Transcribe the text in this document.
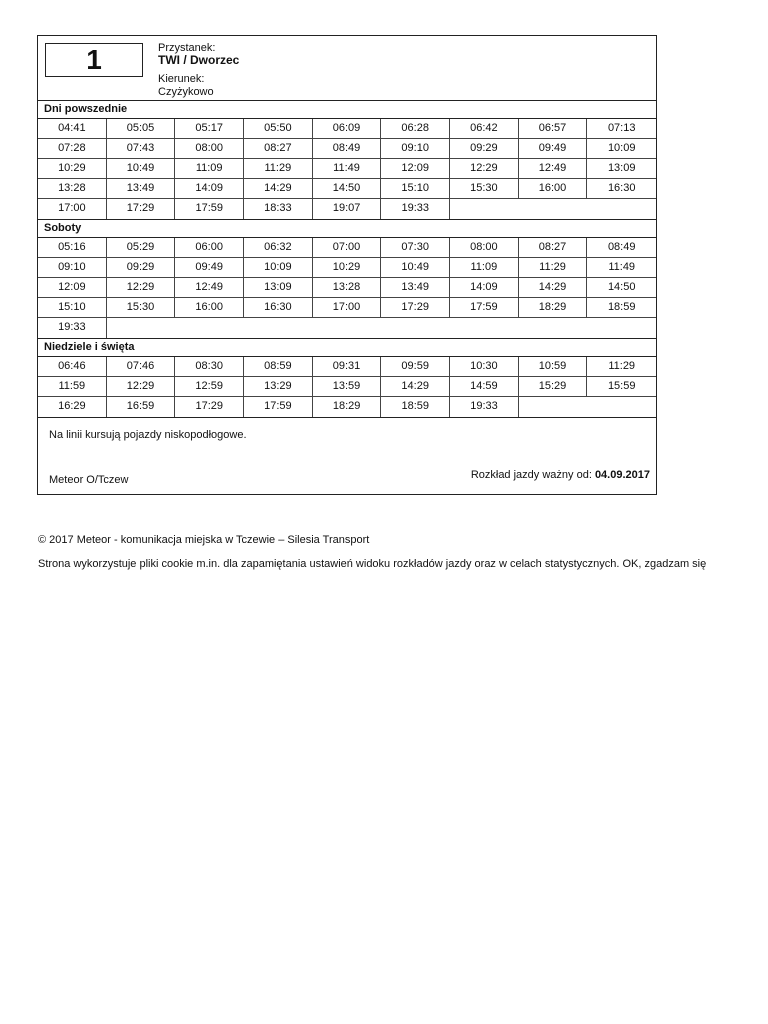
1	Przystanek:
TWI / Dworzec
Kierunek:
Czyżykowo
Dni powszednie
04:41	05:05	05:17	05:50	06:09	06:28	06:42	06:57	07:13
07:28	07:43	08:00	08:27	08:49	09:10	09:29	09:49	10:09
10:29	10:49	11:09	11:29	11:49	12:09	12:29	12:49	13:09
13:28	13:49	14:09	14:29	14:50	15:10	15:30	16:00	16:30
17:00	17:29	17:59	18:33	19:07	19:33
Soboty
05:16	05:29	06:00	06:32	07:00	07:30	08:00	08:27	08:49
09:10	09:29	09:49	10:09	10:29	10:49	11:09	11:29	11:49
12:09	12:29	12:49	13:09	13:28	13:49	14:09	14:29	14:50
15:10	15:30	16:00	16:30	17:00	17:29	17:59	18:29	18:59
19:33
Niedziele i święta
06:46	07:46	08:30	08:59	09:31	09:59	10:30	10:59	11:29
11:59	12:29	12:59	13:29	13:59	14:29	14:59	15:29	15:59
16:29	16:59	17:29	17:59	18:29	18:59	19:33
Na linii kursują pojazdy niskopodłogowe.
Meteor O/Tczew	Rozkład jazdy ważny od: 04.09.2017
© 2017 Meteor - komunikacja miejska w Tczewie – Silesia Transport
Strona wykorzystuje pliki cookie m.in. dla zapamiętania ustawień widoku rozkładów jazdy oraz w celach statystycznych. OK, zgadzam się
